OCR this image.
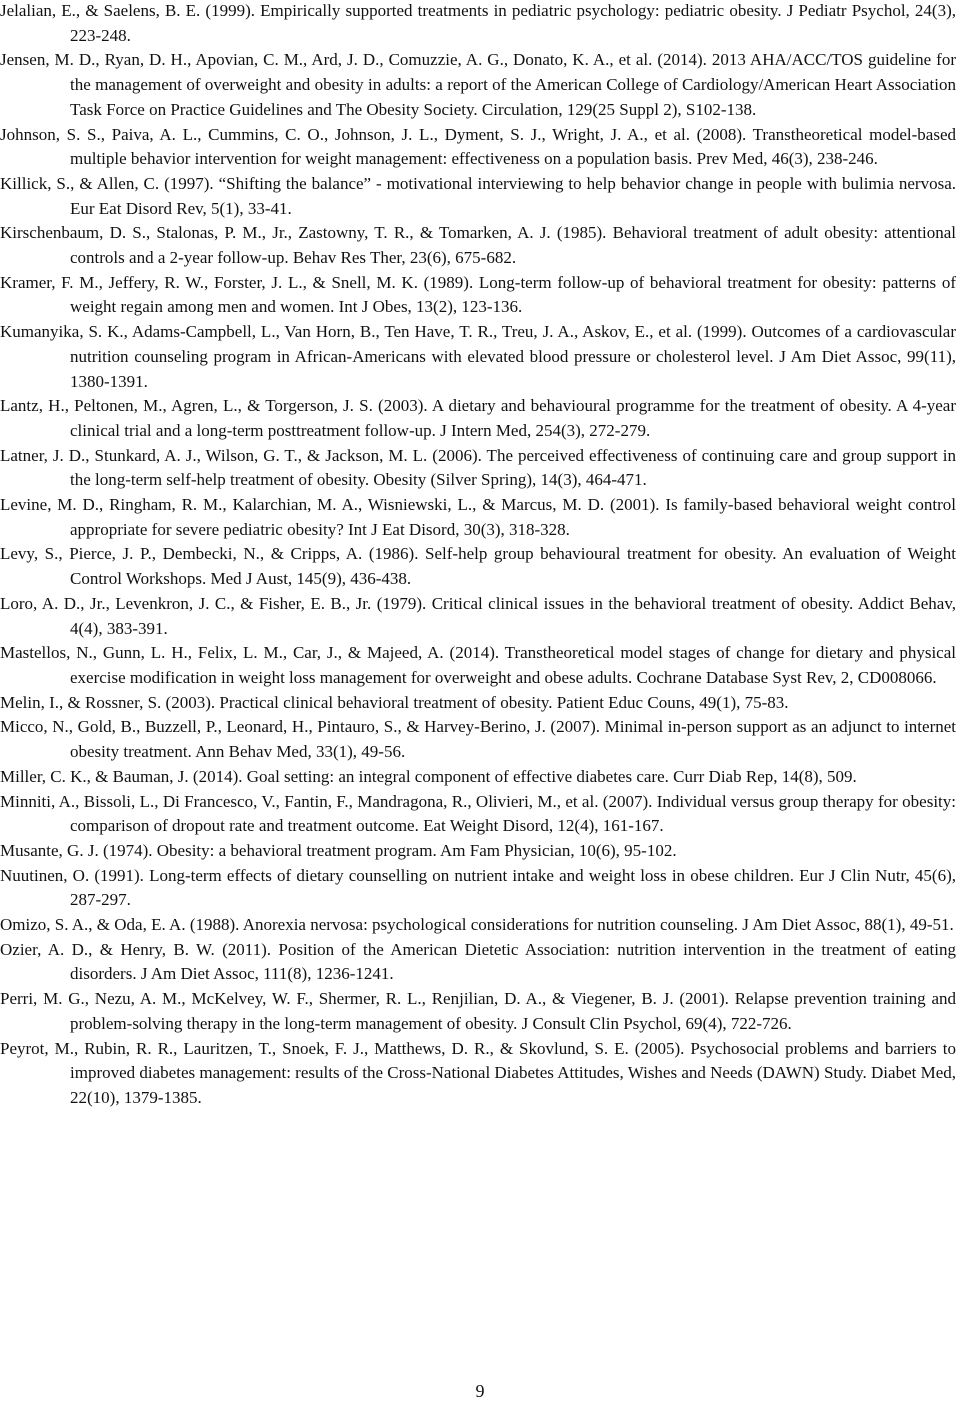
Jelalian, E., & Saelens, B. E. (1999). Empirically supported treatments in pediatric psychology: pediatric obesity. J Pediatr Psychol, 24(3), 223-248.
Jensen, M. D., Ryan, D. H., Apovian, C. M., Ard, J. D., Comuzzie, A. G., Donato, K. A., et al. (2014). 2013 AHA/ACC/TOS guideline for the management of overweight and obesity in adults: a report of the American College of Cardiology/American Heart Association Task Force on Practice Guidelines and The Obesity Society. Circulation, 129(25 Suppl 2), S102-138.
Johnson, S. S., Paiva, A. L., Cummins, C. O., Johnson, J. L., Dyment, S. J., Wright, J. A., et al. (2008). Transtheoretical model-based multiple behavior intervention for weight management: effectiveness on a population basis. Prev Med, 46(3), 238-246.
Killick, S., & Allen, C. (1997). “Shifting the balance” - motivational interviewing to help behavior change in people with bulimia nervosa. Eur Eat Disord Rev, 5(1), 33-41.
Kirschenbaum, D. S., Stalonas, P. M., Jr., Zastowny, T. R., & Tomarken, A. J. (1985). Behavioral treatment of adult obesity: attentional controls and a 2-year follow-up. Behav Res Ther, 23(6), 675-682.
Kramer, F. M., Jeffery, R. W., Forster, J. L., & Snell, M. K. (1989). Long-term follow-up of behavioral treatment for obesity: patterns of weight regain among men and women. Int J Obes, 13(2), 123-136.
Kumanyika, S. K., Adams-Campbell, L., Van Horn, B., Ten Have, T. R., Treu, J. A., Askov, E., et al. (1999). Outcomes of a cardiovascular nutrition counseling program in African-Americans with elevated blood pressure or cholesterol level. J Am Diet Assoc, 99(11), 1380-1391.
Lantz, H., Peltonen, M., Agren, L., & Torgerson, J. S. (2003). A dietary and behavioural programme for the treatment of obesity. A 4-year clinical trial and a long-term posttreatment follow-up. J Intern Med, 254(3), 272-279.
Latner, J. D., Stunkard, A. J., Wilson, G. T., & Jackson, M. L. (2006). The perceived effectiveness of continuing care and group support in the long-term self-help treatment of obesity. Obesity (Silver Spring), 14(3), 464-471.
Levine, M. D., Ringham, R. M., Kalarchian, M. A., Wisniewski, L., & Marcus, M. D. (2001). Is family-based behavioral weight control appropriate for severe pediatric obesity? Int J Eat Disord, 30(3), 318-328.
Levy, S., Pierce, J. P., Dembecki, N., & Cripps, A. (1986). Self-help group behavioural treatment for obesity. An evaluation of Weight Control Workshops. Med J Aust, 145(9), 436-438.
Loro, A. D., Jr., Levenkron, J. C., & Fisher, E. B., Jr. (1979). Critical clinical issues in the behavioral treatment of obesity. Addict Behav, 4(4), 383-391.
Mastellos, N., Gunn, L. H., Felix, L. M., Car, J., & Majeed, A. (2014). Transtheoretical model stages of change for dietary and physical exercise modification in weight loss management for overweight and obese adults. Cochrane Database Syst Rev, 2, CD008066.
Melin, I., & Rossner, S. (2003). Practical clinical behavioral treatment of obesity. Patient Educ Couns, 49(1), 75-83.
Micco, N., Gold, B., Buzzell, P., Leonard, H., Pintauro, S., & Harvey-Berino, J. (2007). Minimal in-person support as an adjunct to internet obesity treatment. Ann Behav Med, 33(1), 49-56.
Miller, C. K., & Bauman, J. (2014). Goal setting: an integral component of effective diabetes care. Curr Diab Rep, 14(8), 509.
Minniti, A., Bissoli, L., Di Francesco, V., Fantin, F., Mandragona, R., Olivieri, M., et al. (2007). Individual versus group therapy for obesity: comparison of dropout rate and treatment outcome. Eat Weight Disord, 12(4), 161-167.
Musante, G. J. (1974). Obesity: a behavioral treatment program. Am Fam Physician, 10(6), 95-102.
Nuutinen, O. (1991). Long-term effects of dietary counselling on nutrient intake and weight loss in obese children. Eur J Clin Nutr, 45(6), 287-297.
Omizo, S. A., & Oda, E. A. (1988). Anorexia nervosa: psychological considerations for nutrition counseling. J Am Diet Assoc, 88(1), 49-51.
Ozier, A. D., & Henry, B. W. (2011). Position of the American Dietetic Association: nutrition intervention in the treatment of eating disorders. J Am Diet Assoc, 111(8), 1236-1241.
Perri, M. G., Nezu, A. M., McKelvey, W. F., Shermer, R. L., Renjilian, D. A., & Viegener, B. J. (2001). Relapse prevention training and problem-solving therapy in the long-term management of obesity. J Consult Clin Psychol, 69(4), 722-726.
Peyrot, M., Rubin, R. R., Lauritzen, T., Snoek, F. J., Matthews, D. R., & Skovlund, S. E. (2005). Psychosocial problems and barriers to improved diabetes management: results of the Cross-National Diabetes Attitudes, Wishes and Needs (DAWN) Study. Diabet Med, 22(10), 1379-1385.
9
